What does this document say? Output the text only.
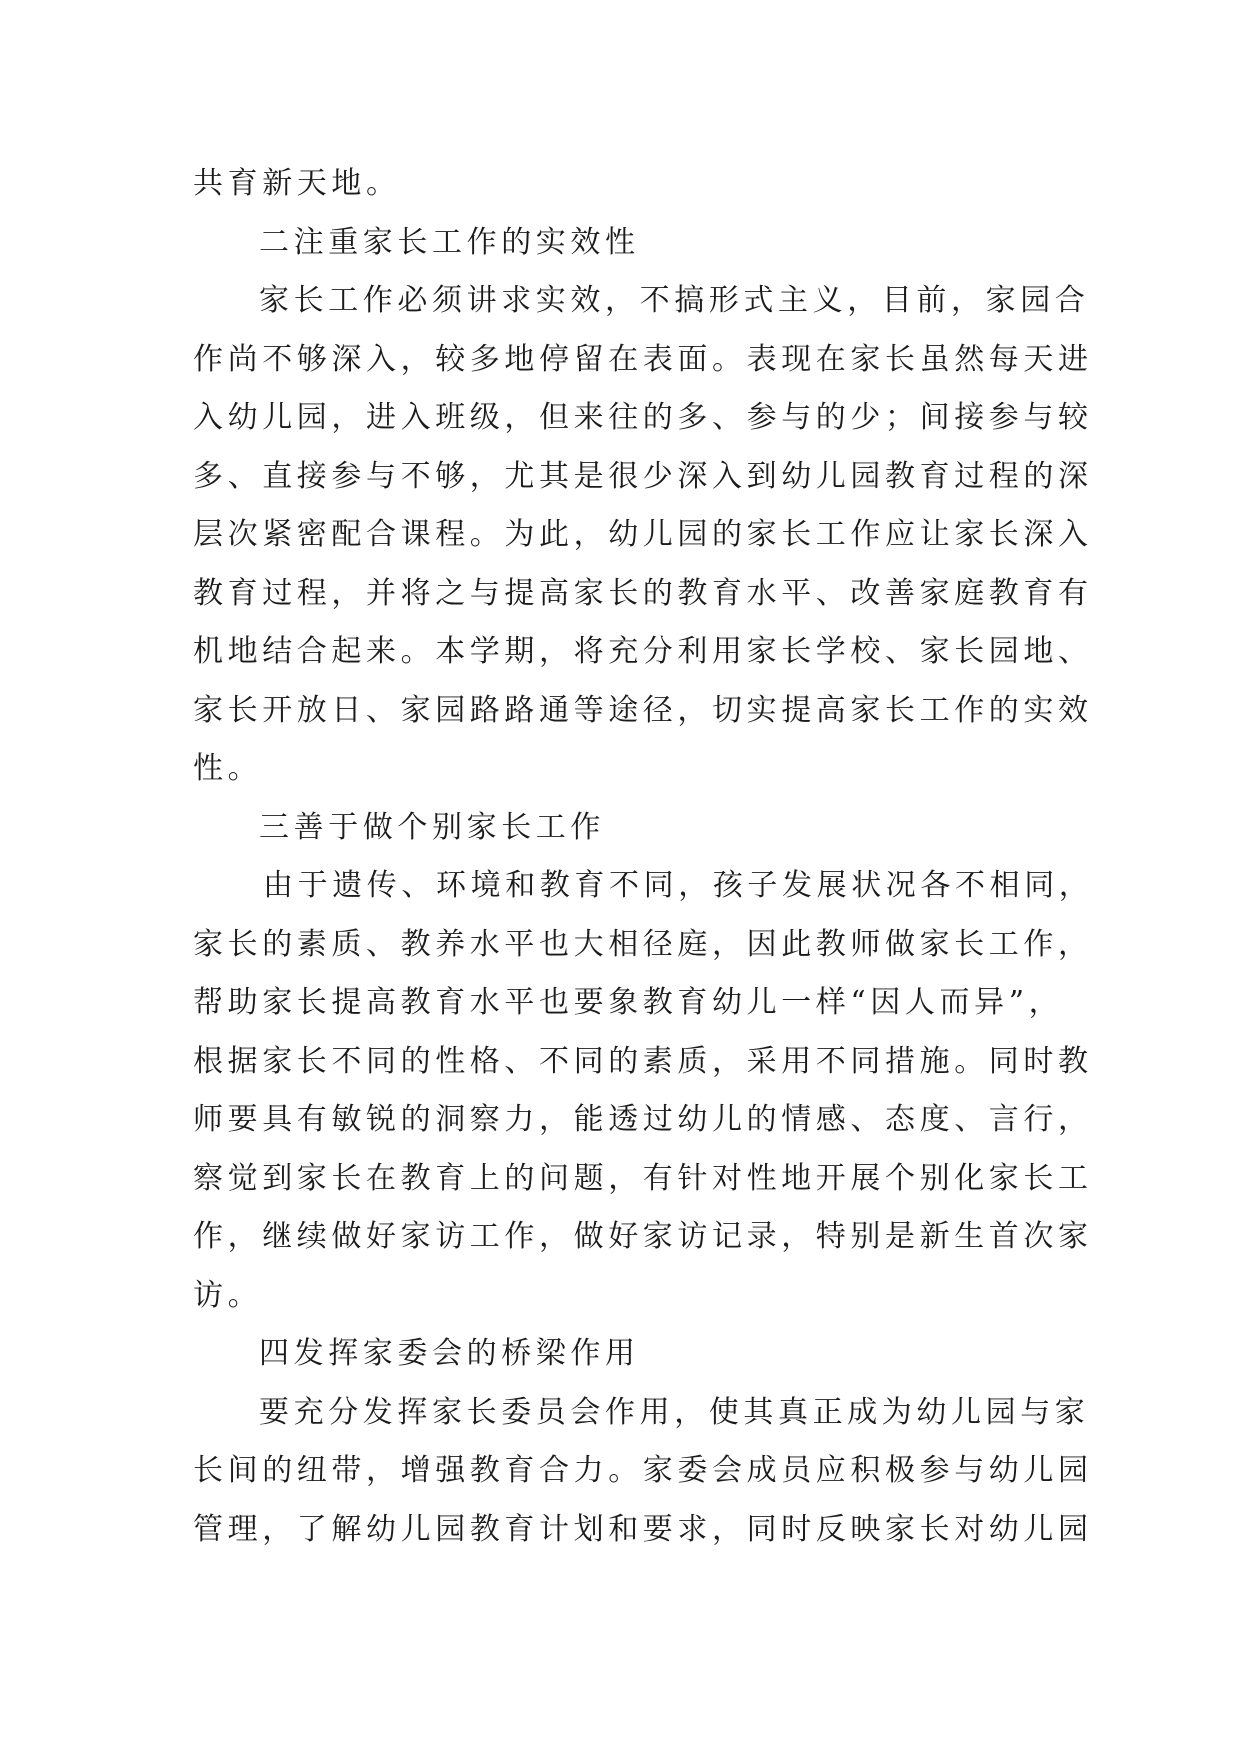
共育新天地。
二注重家长工作的实效性
家长工作必须讲求实效，不搞形式主义，目前，家园合
作尚不够深入，较多地停留在表面。表现在家长虽然每天进
入幼儿园，进入班级，但来往的多、参与的少；间接参与较
多、直接参与不够，尤其是很少深入到幼儿园教育过程的深
层次紧密配合课程。为此，幼儿园的家长工作应让家长深入
教育过程，并将之与提高家长的教育水平、改善家庭教育有
机地结合起来。本学期，将充分利用家长学校、家长园地、
家长开放日、家园路路通等途径，切实提高家长工作的实效
性。
三善于做个别家长工作
由于遗传、环境和教育不同，孩子发展状况各不相同，
家长的素质、教养水平也大相径庭，因此教师做家长工作，
帮助家长提高教育水平也要象教育幼儿一样“因人而异”，
根据家长不同的性格、不同的素质，采用不同措施。同时教
师要具有敏锐的洞察力，能透过幼儿的情感、态度、言行，
察觉到家长在教育上的问题，有针对性地开展个别化家长工
作，继续做好家访工作，做好家访记录，特别是新生首次家
访。
四发挥家委会的桥梁作用
要充分发挥家长委员会作用，使其真正成为幼儿园与家
长间的纽带，增强教育合力。家委会成员应积极参与幼儿园
管理，了解幼儿园教育计划和要求，同时反映家长对幼儿园
